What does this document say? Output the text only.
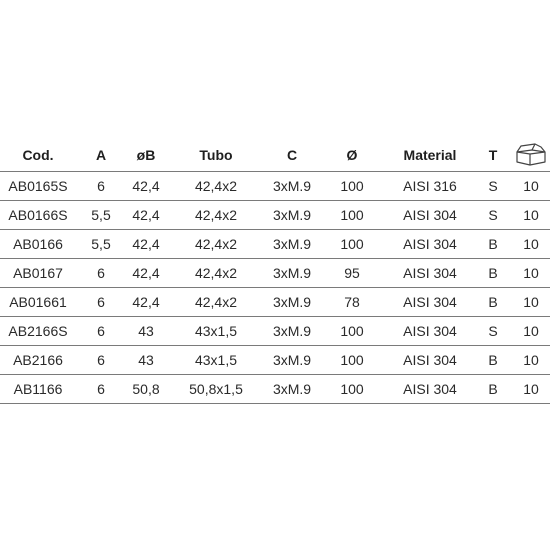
Cod.	A	øB	Tubo	C	Ø	Material	T	

AB0165S	6	42,4	42,4x2	3xM.9	100	AISI 316	S	10
AB0166S	5,5	42,4	42,4x2	3xM.9	100	AISI 304	S	10
AB0166	5,5	42,4	42,4x2	3xM.9	100	AISI 304	B	10
AB0167	6	42,4	42,4x2	3xM.9	95	AISI 304	B	10
AB01661	6	42,4	42,4x2	3xM.9	78	AISI 304	B	10
AB2166S	6	43	43x1,5	3xM.9	100	AISI 304	S	10
AB2166	6	43	43x1,5	3xM.9	100	AISI 304	B	10
AB1166	6	50,8	50,8x1,5	3xM.9	100	AISI 304	B	10
